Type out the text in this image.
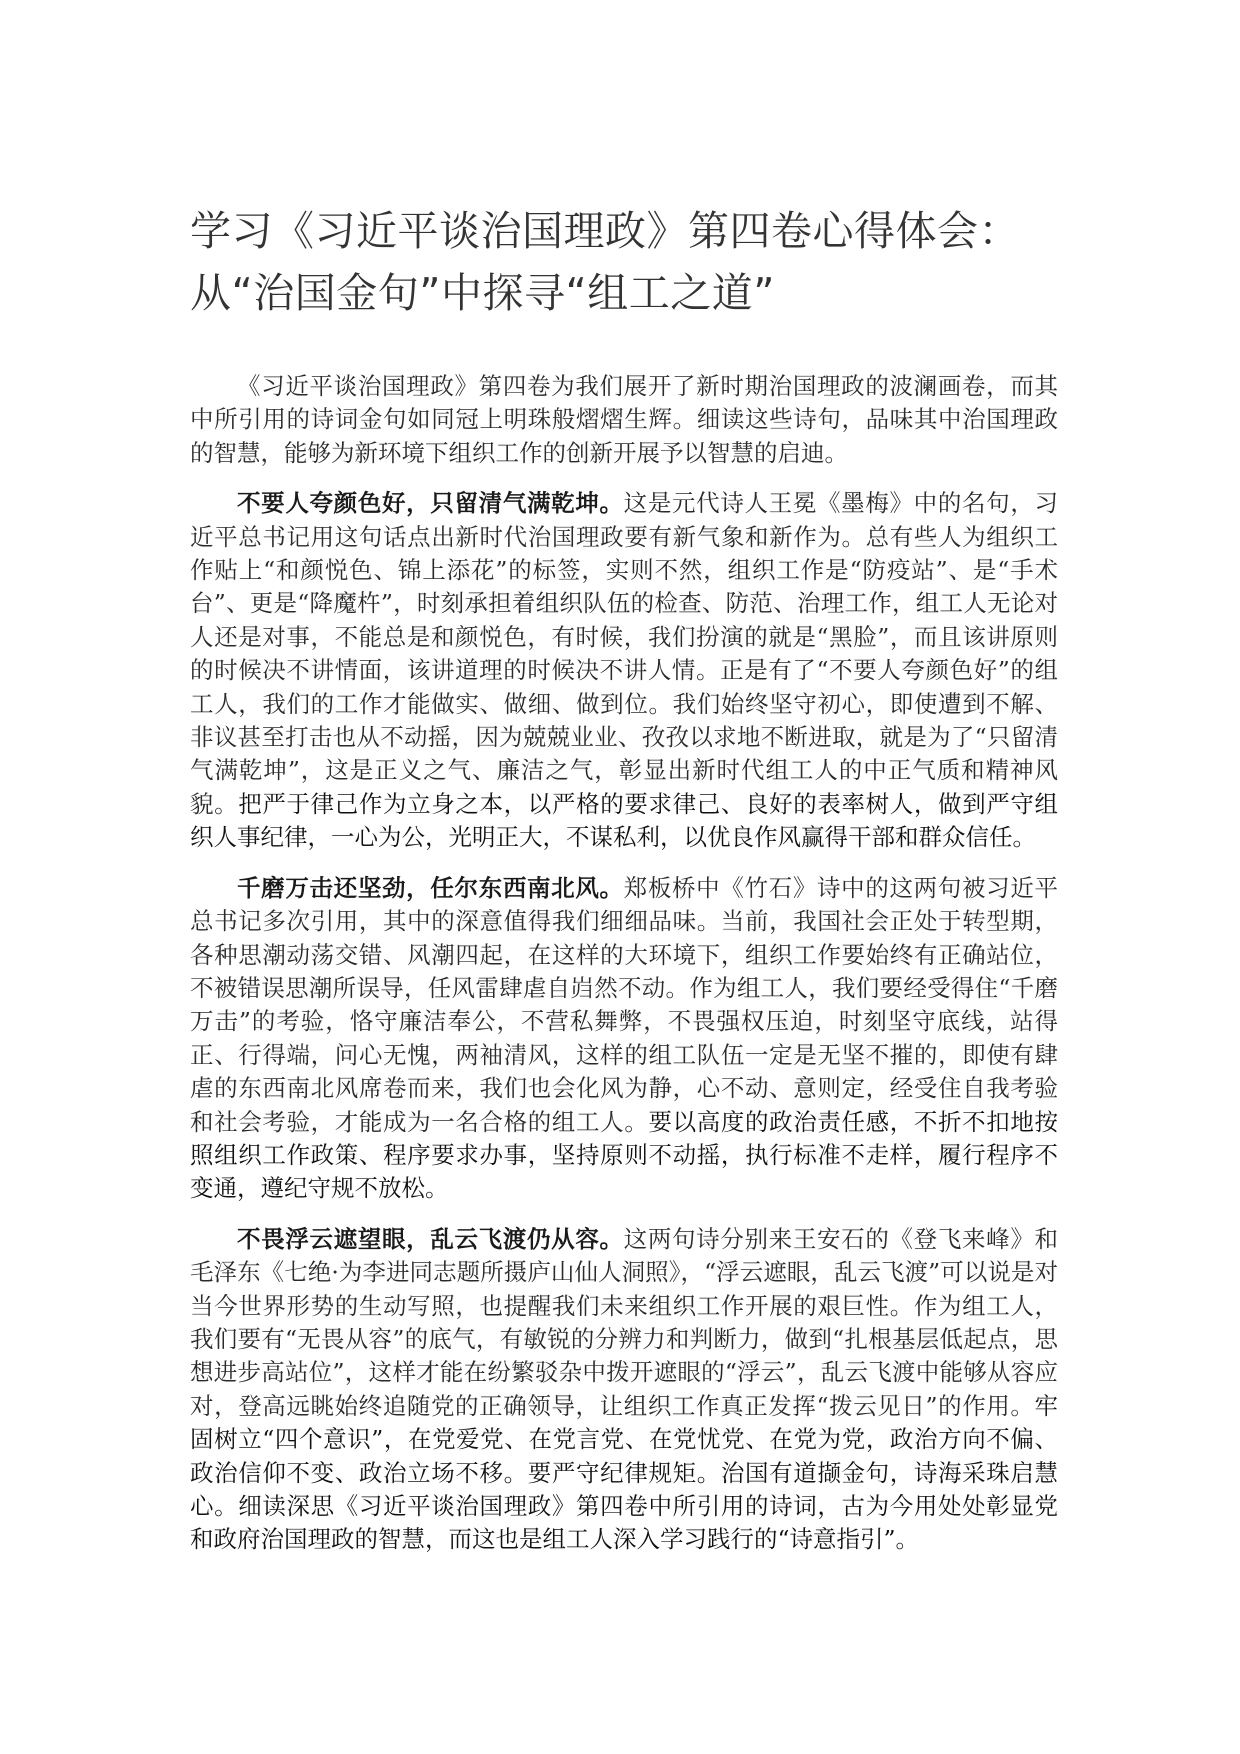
学习《习近平谈治国理政》第四卷心得体会：从“治国金句”中探寻“组工之道”

《习近平谈治国理政》第四卷为我们展开了新时期治国理政的波澜画卷，而其中所引用的诗词金句如同冠上明珠般熠熠生辉。细读这些诗句，品味其中治国理政的智慧，能够为新环境下组织工作的创新开展予以智慧的启迪。

不要人夸颜色好，只留清气满乾坤。这是元代诗人王冕《墨梅》中的名句，习近平总书记用这句话点出新时代治国理政要有新气象和新作为。总有些人为组织工作贴上“和颜悦色、锦上添花”的标签，实则不然，组织工作是“防疫站”、是“手术台”、更是“降魔杵”，时刻承担着组织队伍的检查、防范、治理工作，组工人无论对人还是对事，不能总是和颜悦色，有时候，我们扮演的就是“黑脸”，而且该讲原则的时候决不讲情面，该讲道理的时候决不讲人情。正是有了“不要人夸颜色好”的组工人，我们的工作才能做实、做细、做到位。我们始终坚守初心，即使遭到不解、非议甚至打击也从不动摇，因为兢兢业业、孜孜以求地不断进取，就是为了“只留清气满乾坤”，这是正义之气、廉洁之气，彰显出新时代组工人的中正气质和精神风貌。把严于律己作为立身之本，以严格的要求律己、良好的表率树人，做到严守组织人事纪律，一心为公，光明正大，不谋私利，以优良作风赢得干部和群众信任。

千磨万击还坚劲，任尔东西南北风。郑板桥中《竹石》诗中的这两句被习近平总书记多次引用，其中的深意值得我们细细品味。当前，我国社会正处于转型期，各种思潮动荡交错、风潮四起，在这样的大环境下，组织工作要始终有正确站位，不被错误思潮所误导，任风雷肆虐自岿然不动。作为组工人，我们要经受得住“千磨万击”的考验，恪守廉洁奉公，不营私舞弊，不畏强权压迫，时刻坚守底线，站得正、行得端，问心无愧，两袖清风，这样的组工队伍一定是无坚不摧的，即使有肆虐的东西南北风席卷而来，我们也会化风为静，心不动、意则定，经受住自我考验和社会考验，才能成为一名合格的组工人。要以高度的政治责任感，不折不扣地按照组织工作政策、程序要求办事，坚持原则不动摇，执行标准不走样，履行程序不变通，遵纪守规不放松。

不畏浮云遮望眼，乱云飞渡仍从容。这两句诗分别来王安石的《登飞来峰》和毛泽东《七绝·为李进同志题所摄庐山仙人洞照》，“浮云遮眼，乱云飞渡”可以说是对当今世界形势的生动写照，也提醒我们未来组织工作开展的艰巨性。作为组工人，我们要有“无畏从容”的底气，有敏锐的分辨力和判断力，做到“扎根基层低起点，思想进步高站位”，这样才能在纷繁驳杂中拨开遮眼的“浮云”，乱云飞渡中能够从容应对，登高远眺始终追随党的正确领导，让组织工作真正发挥“拨云见日”的作用。牢固树立“四个意识”，在党爱党、在党言党、在党忧党、在党为党，政治方向不偏、政治信仰不变、政治立场不移。要严守纪律规矩。治国有道撷金句，诗海采珠启慧心。细读深思《习近平谈治国理政》第四卷中所引用的诗词，古为今用处处彰显党和政府治国理政的智慧，而这也是组工人深入学习践行的“诗意指引”。
